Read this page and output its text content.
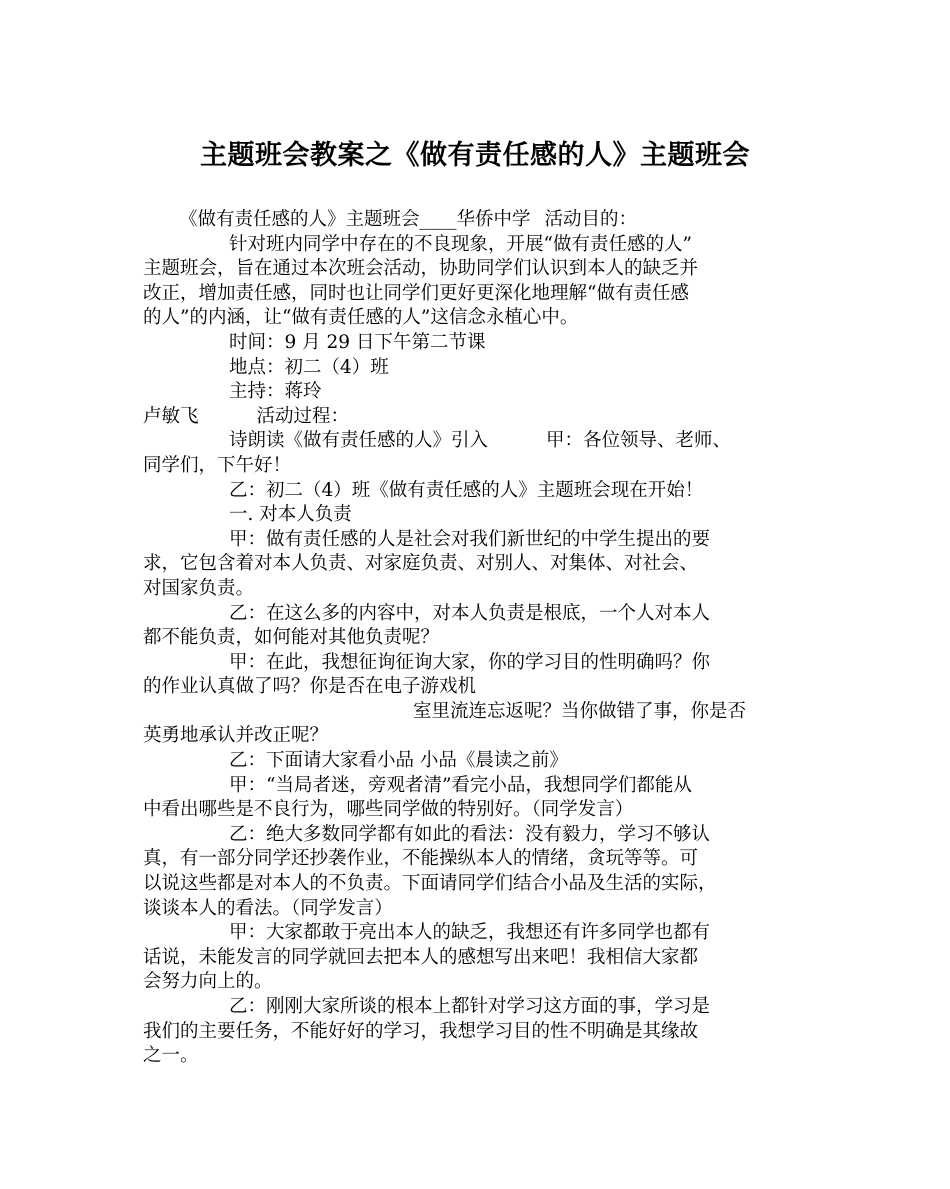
主题班会教案之《做有责任感的人》主题班会
《做有责任感的人》主题班会____华侨中学 活动目的：
针对班内同学中存在的不良现象，开展“做有责任感的人”
主题班会，旨在通过本次班会活动，协助同学们认识到本人的缺乏并
改正，增加责任感，同时也让同学们更好更深化地理解“做有责任感
的人”的内涵，让“做有责任感的人”这信念永植心中。
时间：9 月 29 日下午第二节课
地点：初二（4）班
主持：蒋玲
卢敏飞	活动过程：
诗朗读《做有责任感的人》引入	甲：各位领导、老师、
同学们，下午好！
乙：初二（4）班《做有责任感的人》主题班会现在开始！
一. 对本人负责
甲：做有责任感的人是社会对我们新世纪的中学生提出的要
求，它包含着对本人负责、对家庭负责、对别人、对集体、对社会、
对国家负责。
乙：在这么多的内容中，对本人负责是根底，一个人对本人
都不能负责，如何能对其他负责呢？
甲：在此，我想征询征询大家，你的学习目的性明确吗？你
的作业认真做了吗？你是否在电子游戏机
室里流连忘返呢？当你做错了事，你是否
英勇地承认并改正呢？
乙：下面请大家看小品 小品《晨读之前》
甲：“当局者迷，旁观者清”看完小品，我想同学们都能从
中看出哪些是不良行为，哪些同学做的特别好。（同学发言）
乙：绝大多数同学都有如此的看法：没有毅力，学习不够认
真，有一部分同学还抄袭作业，不能操纵本人的情绪，贪玩等等。可
以说这些都是对本人的不负责。下面请同学们结合小品及生活的实际，
谈谈本人的看法。（同学发言）
甲：大家都敢于亮出本人的缺乏，我想还有许多同学也都有
话说，未能发言的同学就回去把本人的感想写出来吧！我相信大家都
会努力向上的。
乙：刚刚大家所谈的根本上都针对学习这方面的事，学习是
我们的主要任务，不能好好的学习，我想学习目的性不明确是其缘故
之一。
